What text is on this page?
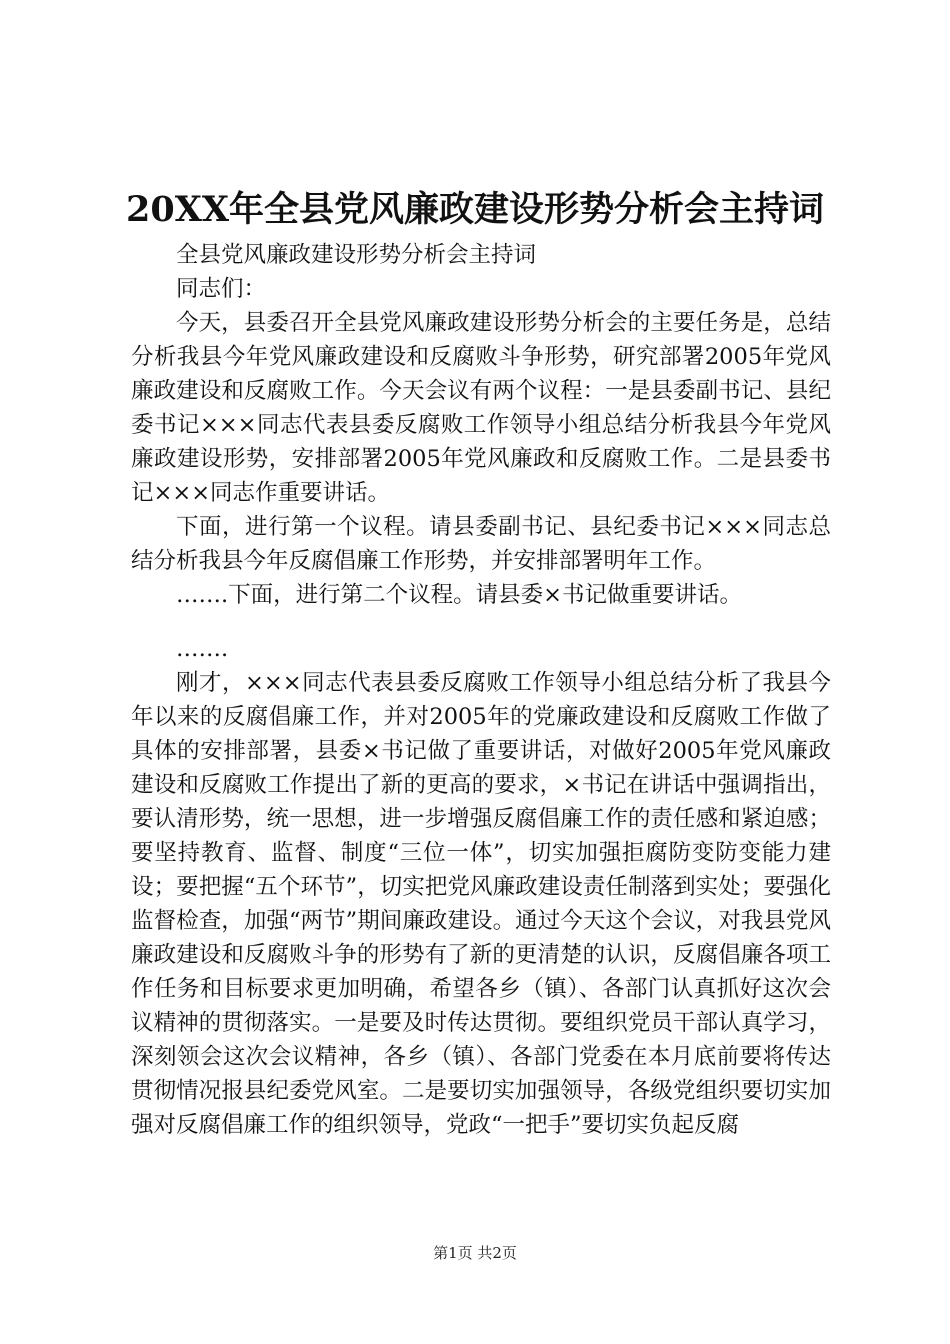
20XX年全县党风廉政建设形势分析会主持词

全县党风廉政建设形势分析会主持词

同志们：

今天，县委召开全县党风廉政建设形势分析会的主要任务是，总结分析我县今年党风廉政建设和反腐败斗争形势，研究部署2005年党风廉政建设和反腐败工作。今天会议有两个议程：一是县委副书记、县纪委书记×××同志代表县委反腐败工作领导小组总结分析我县今年党风廉政建设形势，安排部署2005年党风廉政和反腐败工作。二是县委书记×××同志作重要讲话。

下面，进行第一个议程。请县委副书记、县纪委书记×××同志总结分析我县今年反腐倡廉工作形势，并安排部署明年工作。

…….下面，进行第二个议程。请县委×书记做重要讲话。

…….

刚才，×××同志代表县委反腐败工作领导小组总结分析了我县今年以来的反腐倡廉工作，并对2005年的党廉政建设和反腐败工作做了具体的安排部署，县委×书记做了重要讲话，对做好2005年党风廉政建设和反腐败工作提出了新的更高的要求，×书记在讲话中强调指出，要认清形势，统一思想，进一步增强反腐倡廉工作的责任感和紧迫感；要坚持教育、监督、制度“三位一体”，切实加强拒腐防变防变能力建设；要把握“五个环节”，切实把党风廉政建设责任制落到实处；要强化监督检查，加强“两节”期间廉政建设。通过今天这个会议，对我县党风廉政建设和反腐败斗争的形势有了新的更清楚的认识，反腐倡廉各项工作任务和目标要求更加明确，希望各乡（镇）、各部门认真抓好这次会议精神的贯彻落实。一是要及时传达贯彻。要组织党员干部认真学习，深刻领会这次会议精神，各乡（镇）、各部门党委在本月底前要将传达贯彻情况报县纪委党风室。二是要切实加强领导，各级党组织要切实加强对反腐倡廉工作的组织领导，党政“一把手”要切实负起反腐

第1页 共2页
